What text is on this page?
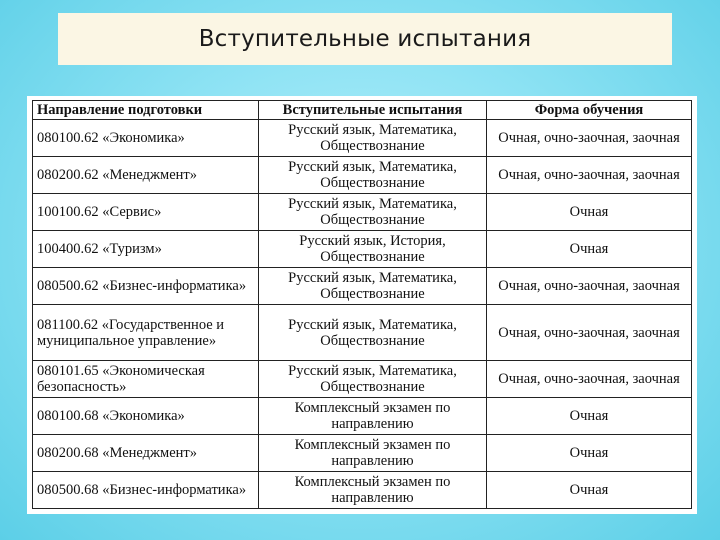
Вступительные испытания
Направление подготовки	Вступительные испытания	Форма обучения
080100.62 «Экономика»	Русский язык, Математика, Обществознание	Очная, очно-заочная, заочная
080200.62 «Менеджмент»	Русский язык, Математика, Обществознание	Очная, очно-заочная, заочная
100100.62 «Сервис»	Русский язык, Математика, Обществознание	Очная
100400.62 «Туризм»	Русский язык, История, Обществознание	Очная
080500.62 «Бизнес-информатика»	Русский язык, Математика, Обществознание	Очная, очно-заочная, заочная
081100.62 «Государственное и муниципальное управление»	Русский язык, Математика, Обществознание	Очная, очно-заочная, заочная
080101.65 «Экономическая безопасность»	Русский язык, Математика, Обществознание	Очная, очно-заочная, заочная
080100.68 «Экономика»	Комплексный экзамен по направлению	Очная
080200.68 «Менеджмент»	Комплексный экзамен по направлению	Очная
080500.68 «Бизнес-информатика»	Комплексный экзамен по направлению	Очная
